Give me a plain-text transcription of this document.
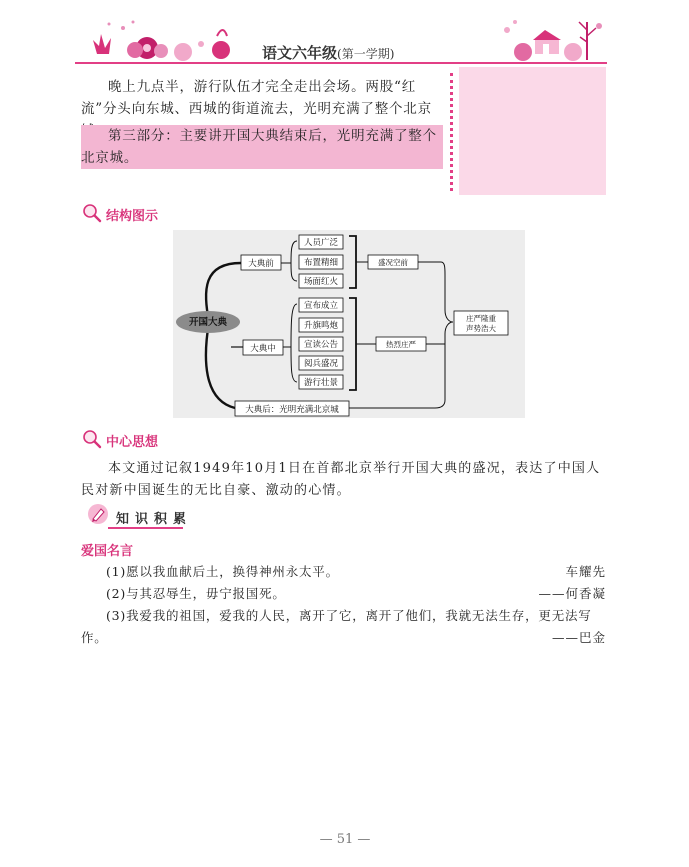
语文六年级(第一学期)
晚上九点半，游行队伍才完全走出会场。两股“红流”分头向东城、西城的街道流去，光明充满了整个北京
第三部分：主要讲开国大典结束后，光明充满了整个北京城。
结构图示
开国大典
大典前
人员广泛
布置精细
场面红火
盛况空前
大典中
宣布成立
升旗鸣炮
宣读公告
阅兵盛况
游行壮景
热烈庄严
大典后：光明充满北京城
庄严隆重
声势浩大
中心思想
本文通过记叙1949年10月1日在首都北京举行开国大典的盛况，表达了中国人民对新中国诞生的无比自豪、激动的心情。
知识积累
爱国名言
(1)愿以我血献后土，换得神州永太平。	车耀先
(2)与其忍辱生，毋宁报国死。	——何香凝
(3)我爱我的祖国，爱我的人民，离开了它，离开了他们，我就无法生存，更无法写
作。	——巴金
— 51 —
